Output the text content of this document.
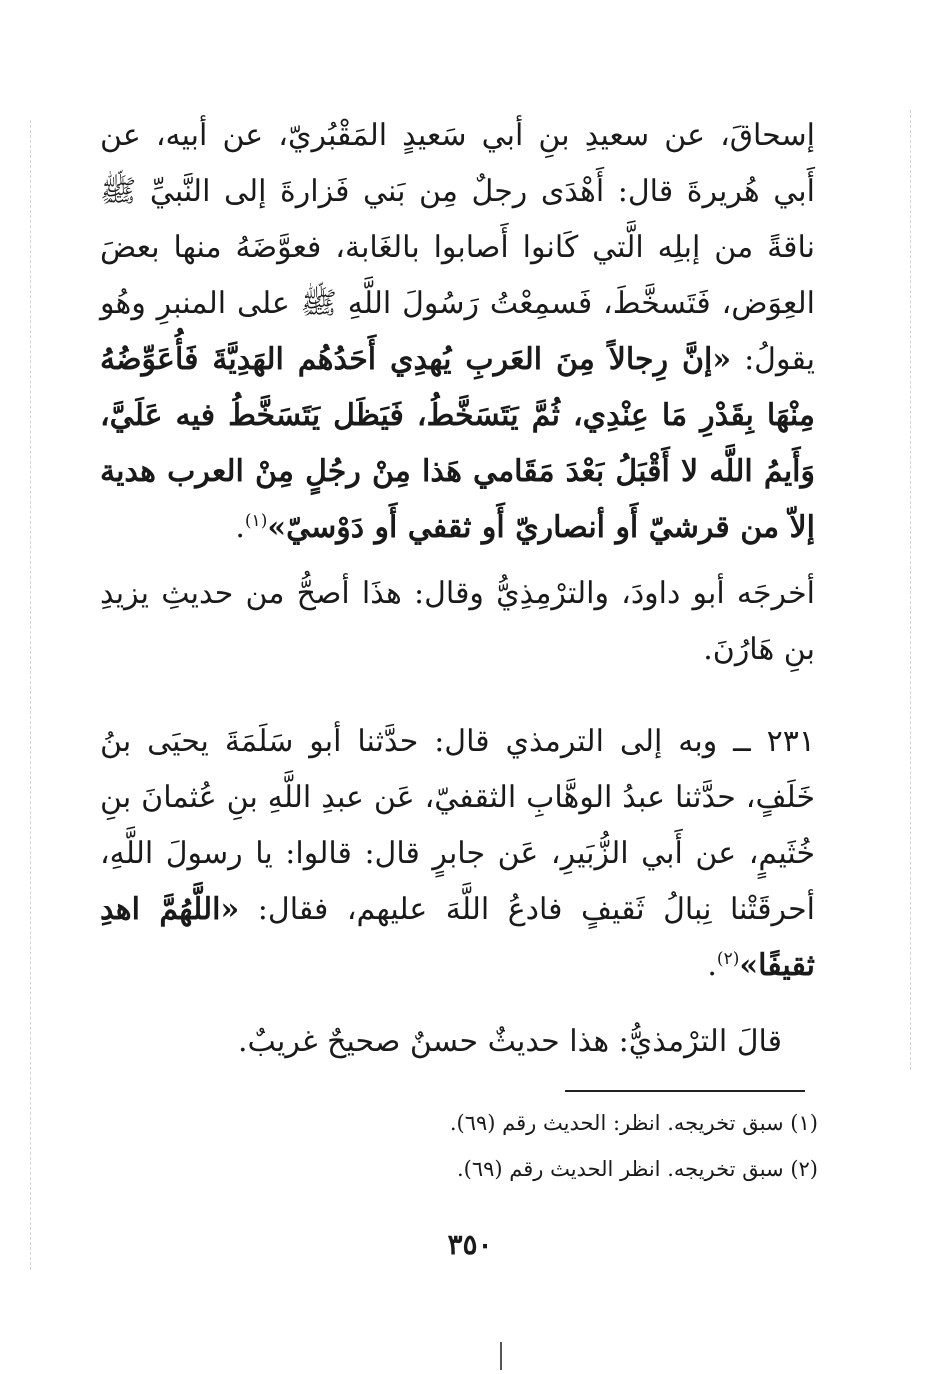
إسحاقَ، عن سعيدِ بنِ أبي سَعيدٍ المَقْبُريّ، عن أبيه، عن أَبي هُريرةَ قال: أَهْدَى رجلٌ مِن بَني فَزارةَ إلى النَّبيِّ ﷺ ناقةً من إبلِه الَّتي كَانوا أَصابوا بالغَابة، فعوَّضَهُ منها بعضَ العِوَض، فَتَسخَّطَ، فَسمِعْتُ رَسُولَ اللَّهِ ﷺ على المنبرِ وهُو يقولُ: «إنَّ رِجالاً مِنَ العَربِ يُهدِي أَحَدُهُم الهَدِيَّةَ فَأُعَوِّضُهُ مِنْهَا بِقَدْرِ مَا عِنْدِي، ثُمَّ يَتَسَخَّطُ، فَيَظَل يَتَسَخَّطُ فيه عَلَيَّ، وَأَيمُ اللَّه لا أَقْبَلُ بَعْدَ مَقَامي هَذا مِنْ رجُلٍ مِنْ العرب هدية إلاّ من قرشيّ أَو أنصاريّ أَو ثقفي أَو دَوْسيّ»$^{(١)}$.
أخرجَه أبو داودَ، والترْمِذِيُّ وقال: هذَا أصحُّ من حديثِ يزيدِ بنِ هَارُنَ.
٢٣١ ــ وبه إلى الترمذي قال: حدَّثنا أبو سَلَمَةَ يحيَى بنُ خَلَفٍ، حدَّثنا عبدُ الوهَّابِ الثقفيّ، عَن عبدِ اللَّهِ بنِ عُثمانَ بنِ خُثَيمٍ، عن أَبي الزُّبَيرِ، عَن جابرٍ قال: قالوا: يا رسولَ اللَّهِ، أحرقَتْنا نِبالُ ثَقيفٍ فادعُ اللَّهَ عليهم، فقال: «اللَّهُمَّ اهدِ ثقيفًا»$^{(٢)}$.
قالَ الترْمذيُّ: هذا حديثٌ حسنٌ صحيحٌ غريبٌ.
(١) سبق تخريجه. انظر: الحديث رقم (٦٩).
(٢) سبق تخريجه. انظر الحديث رقم (٦٩).
٣٥٠
